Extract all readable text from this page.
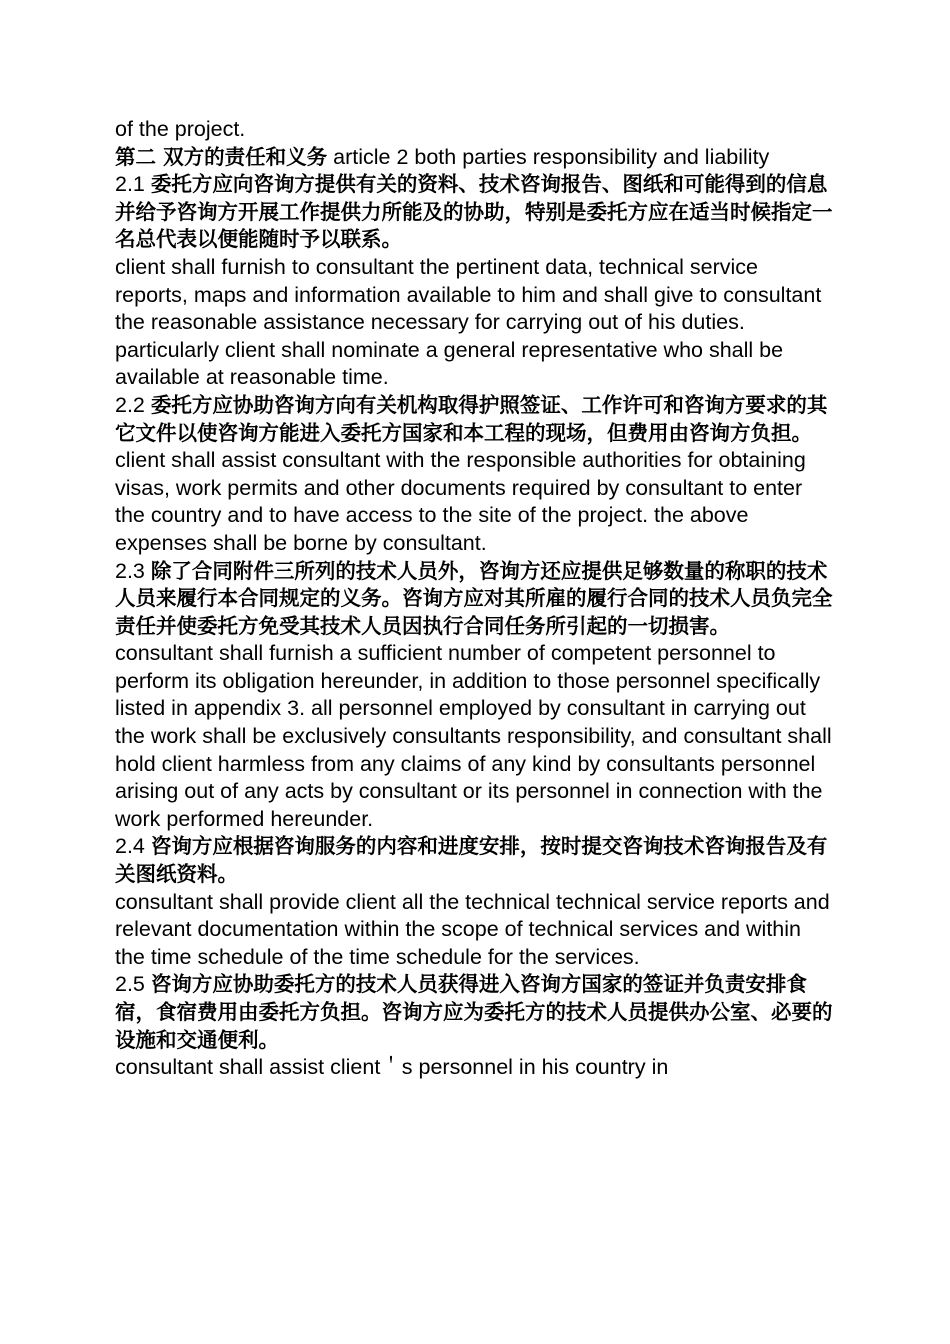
of the project.

第二 双方的责任和义务 article 2 both parties responsibility and liability

2.1 委托方应向咨询方提供有关的资料、技术咨询报告、图纸和可能得到的信息并给予咨询方开展工作提供力所能及的协助，特别是委托方应在适当时候指定一名总代表以便能随时予以联系。

client shall furnish to consultant the pertinent data, technical service reports, maps and information available to him and shall give to consultant the reasonable assistance necessary for carrying out of his duties. particularly client shall nominate a general representative who shall be available at reasonable time.

2.2 委托方应协助咨询方向有关机构取得护照签证、工作许可和咨询方要求的其它文件以使咨询方能进入委托方国家和本工程的现场，但费用由咨询方负担。

client shall assist consultant with the responsible authorities for obtaining visas, work permits and other documents required by consultant to enter the country and to have access to the site of the project. the above expenses shall be borne by consultant.

2.3 除了合同附件三所列的技术人员外，咨询方还应提供足够数量的称职的技术人员来履行本合同规定的义务。咨询方应对其所雇的履行合同的技术人员负完全责任并使委托方免受其技术人员因执行合同任务所引起的一切损害。

consultant shall furnish a sufficient number of competent personnel to perform its obligation hereunder, in addition to those personnel specifically listed in appendix 3. all personnel employed by consultant in carrying out the work shall be exclusively consultants responsibility, and consultant shall hold client harmless from any claims of any kind by consultants personnel arising out of any acts by consultant or its personnel in connection with the work performed hereunder.

2.4 咨询方应根据咨询服务的内容和进度安排，按时提交咨询技术咨询报告及有关图纸资料。

consultant shall provide client all the technical technical service reports and relevant documentation within the scope of technical services and within the time schedule of the time schedule for the services.

2.5 咨询方应协助委托方的技术人员获得进入咨询方国家的签证并负责安排食宿，食宿费用由委托方负担。咨询方应为委托方的技术人员提供办公室、必要的设施和交通便利。

consultant shall assist client＇s personnel in his country in
